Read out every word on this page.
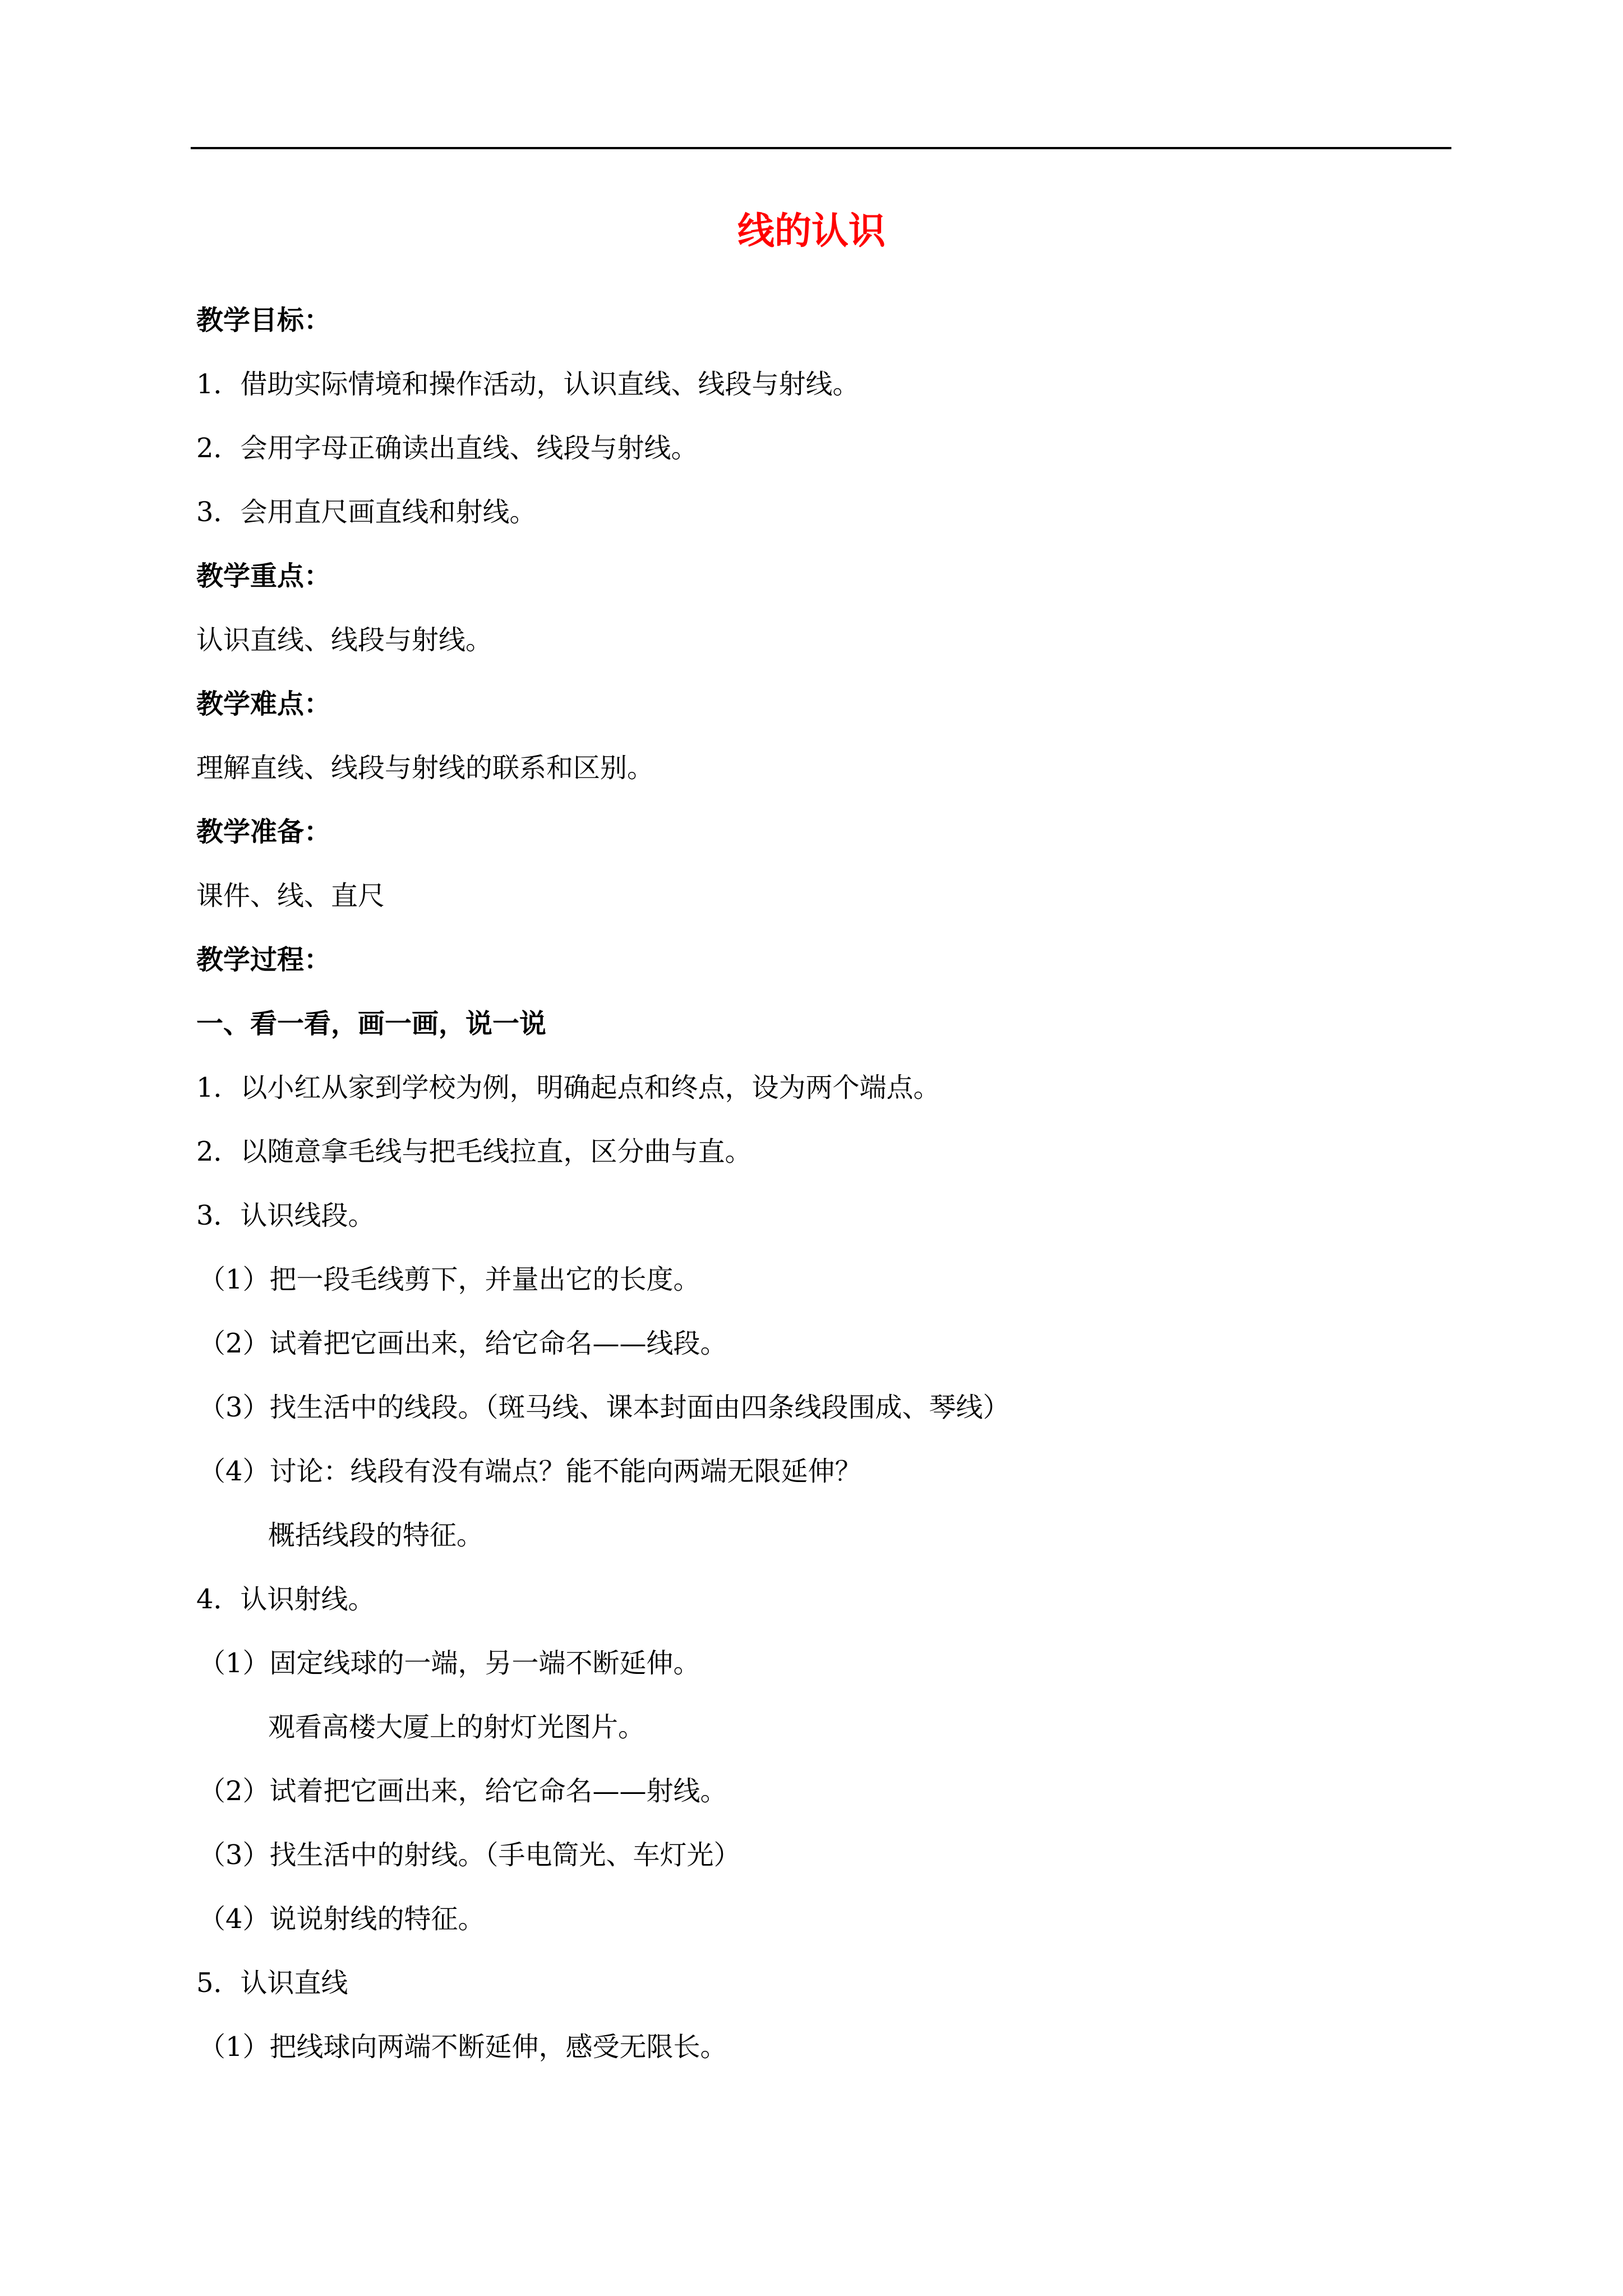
线的认识
教学目标：
1．借助实际情境和操作活动，认识直线、线段与射线。
2．会用字母正确读出直线、线段与射线。
3．会用直尺画直线和射线。
教学重点：
认识直线、线段与射线。
教学难点：
理解直线、线段与射线的联系和区别。
教学准备：
课件、线、直尺
教学过程：
一、看一看，画一画，说一说
1．以小红从家到学校为例，明确起点和终点，设为两个端点。
2．以随意拿毛线与把毛线拉直，区分曲与直。
3．认识线段。
（1）把一段毛线剪下，并量出它的长度。
（2）试着把它画出来，给它命名——线段。
（3）找生活中的线段。（斑马线、课本封面由四条线段围成、琴线）
（4）讨论：线段有没有端点？能不能向两端无限延伸？
概括线段的特征。
4．认识射线。
（1）固定线球的一端，另一端不断延伸。
观看高楼大厦上的射灯光图片。
（2）试着把它画出来，给它命名——射线。
（3）找生活中的射线。（手电筒光、车灯光）
（4）说说射线的特征。
5．认识直线
（1）把线球向两端不断延伸，感受无限长。
